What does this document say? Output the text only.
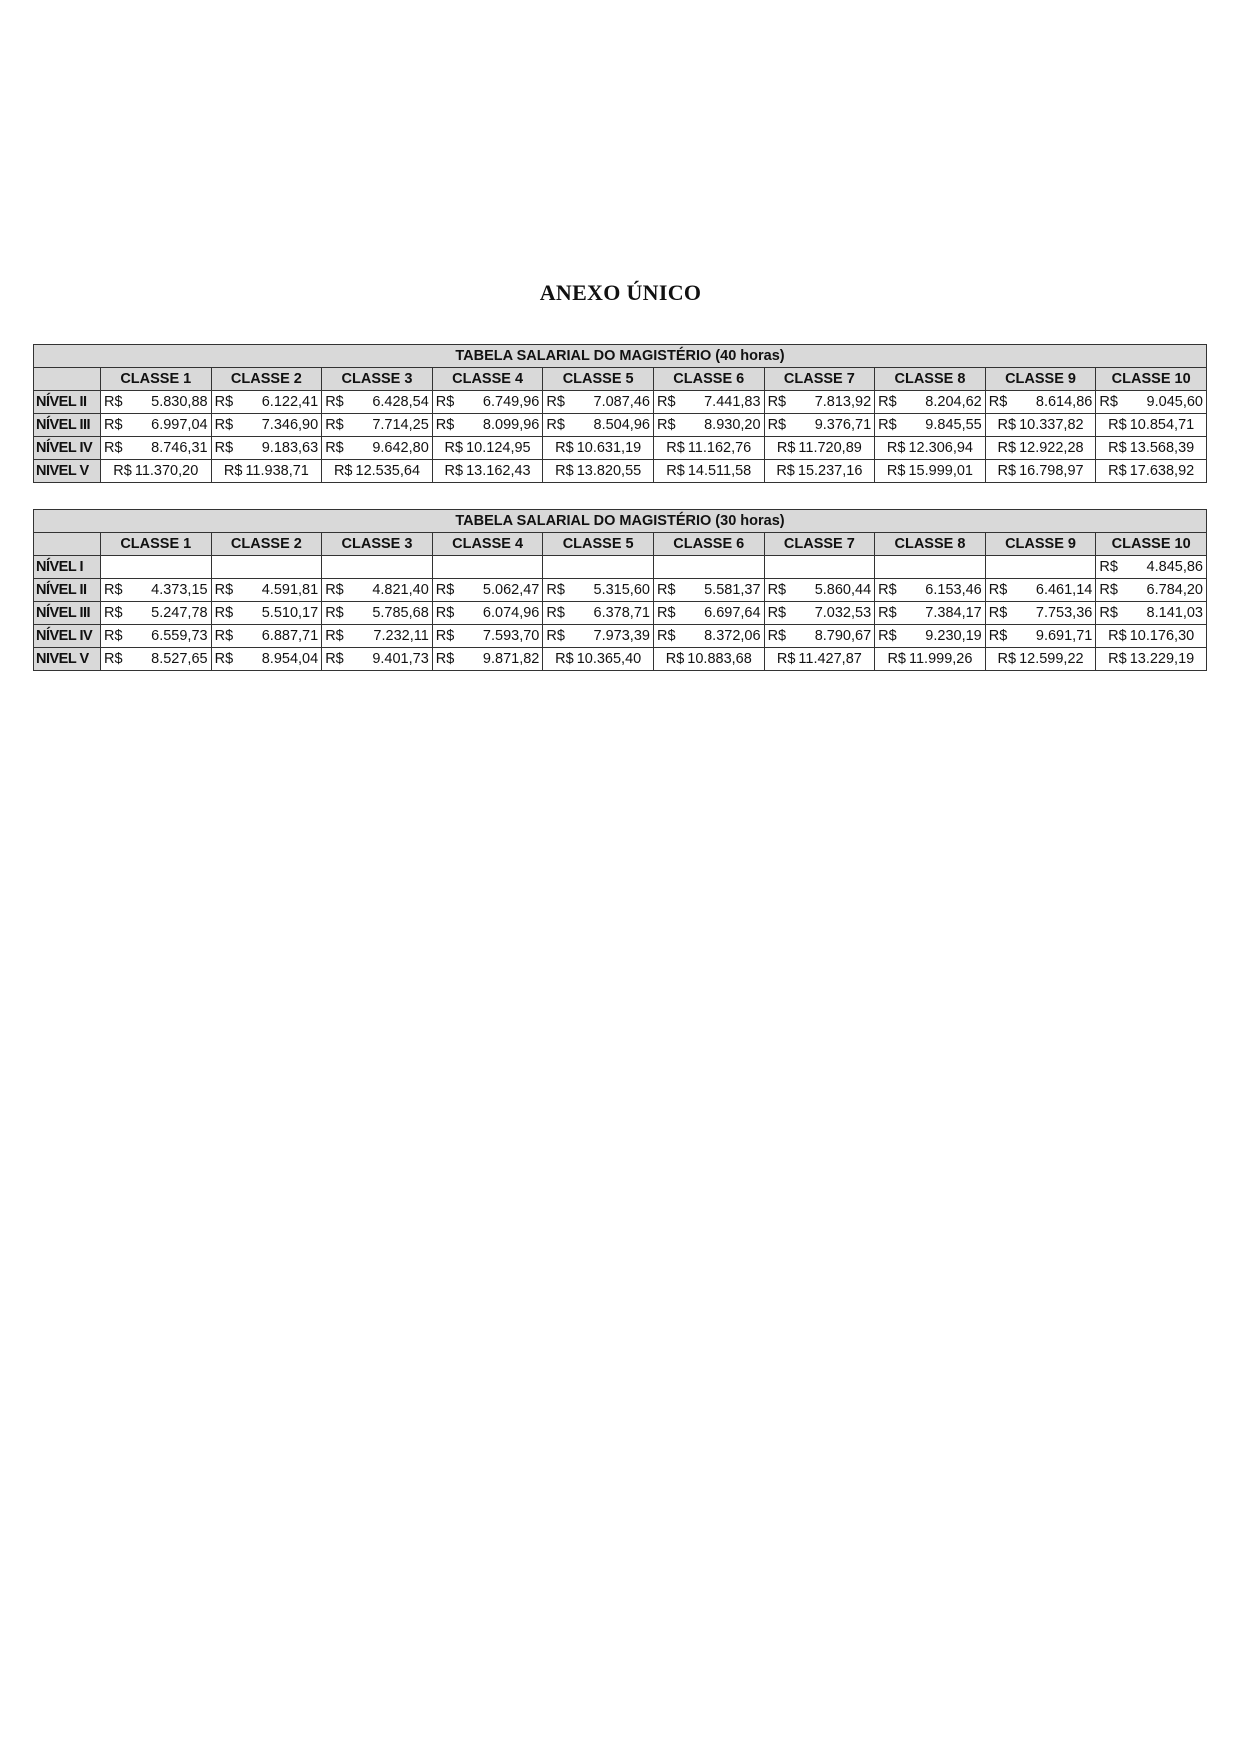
ANEXO ÚNICO
TABELA SALARIAL DO MAGISTÉRIO (40 horas)										
	CLASSE 1	CLASSE 2	CLASSE 3	CLASSE 4	CLASSE 5	CLASSE 6	CLASSE 7	CLASSE 8	CLASSE 9	CLASSE 10
NÍVEL II	R$ 5.830,88	R$ 6.122,41	R$ 6.428,54	R$ 6.749,96	R$ 7.087,46	R$ 7.441,83	R$ 7.813,92	R$ 8.204,62	R$ 8.614,86	R$ 9.045,60

NÍVEL III	R$ 6.997,04	R$ 7.346,90	R$ 7.714,25	R$ 8.099,96	R$ 8.504,96	R$ 8.930,20	R$ 9.376,71	R$ 9.845,55	R$ 10.337,82	R$ 10.854,71

NÍVEL IV	R$ 8.746,31	R$ 9.183,63	R$ 9.642,80	R$ 10.124,95	R$ 10.631,19	R$ 11.162,76	R$ 11.720,89	R$ 12.306,94	R$ 12.922,28	R$ 13.568,39

NIVEL V	R$ 11.370,20	R$ 11.938,71	R$ 12.535,64	R$ 13.162,43	R$ 13.820,55	R$ 14.511,58	R$ 15.237,16	R$ 15.999,01	R$ 16.798,97	R$ 17.638,92
TABELA SALARIAL DO MAGISTÉRIO (30 horas)										
	CLASSE 1	CLASSE 2	CLASSE 3	CLASSE 4	CLASSE 5	CLASSE 6	CLASSE 7	CLASSE 8	CLASSE 9	CLASSE 10
NÍVEL I										R$ 4.845,86

NÍVEL II	R$ 4.373,15	R$ 4.591,81	R$ 4.821,40	R$ 5.062,47	R$ 5.315,60	R$ 5.581,37	R$ 5.860,44	R$ 6.153,46	R$ 6.461,14	R$ 6.784,20

NÍVEL III	R$ 5.247,78	R$ 5.510,17	R$ 5.785,68	R$ 6.074,96	R$ 6.378,71	R$ 6.697,64	R$ 7.032,53	R$ 7.384,17	R$ 7.753,36	R$ 8.141,03

NÍVEL IV	R$ 6.559,73	R$ 6.887,71	R$ 7.232,11	R$ 7.593,70	R$ 7.973,39	R$ 8.372,06	R$ 8.790,67	R$ 9.230,19	R$ 9.691,71	R$ 10.176,30

NIVEL V	R$ 8.527,65	R$ 8.954,04	R$ 9.401,73	R$ 9.871,82	R$ 10.365,40	R$ 10.883,68	R$ 11.427,87	R$ 11.999,26	R$ 12.599,22	R$ 13.229,19
